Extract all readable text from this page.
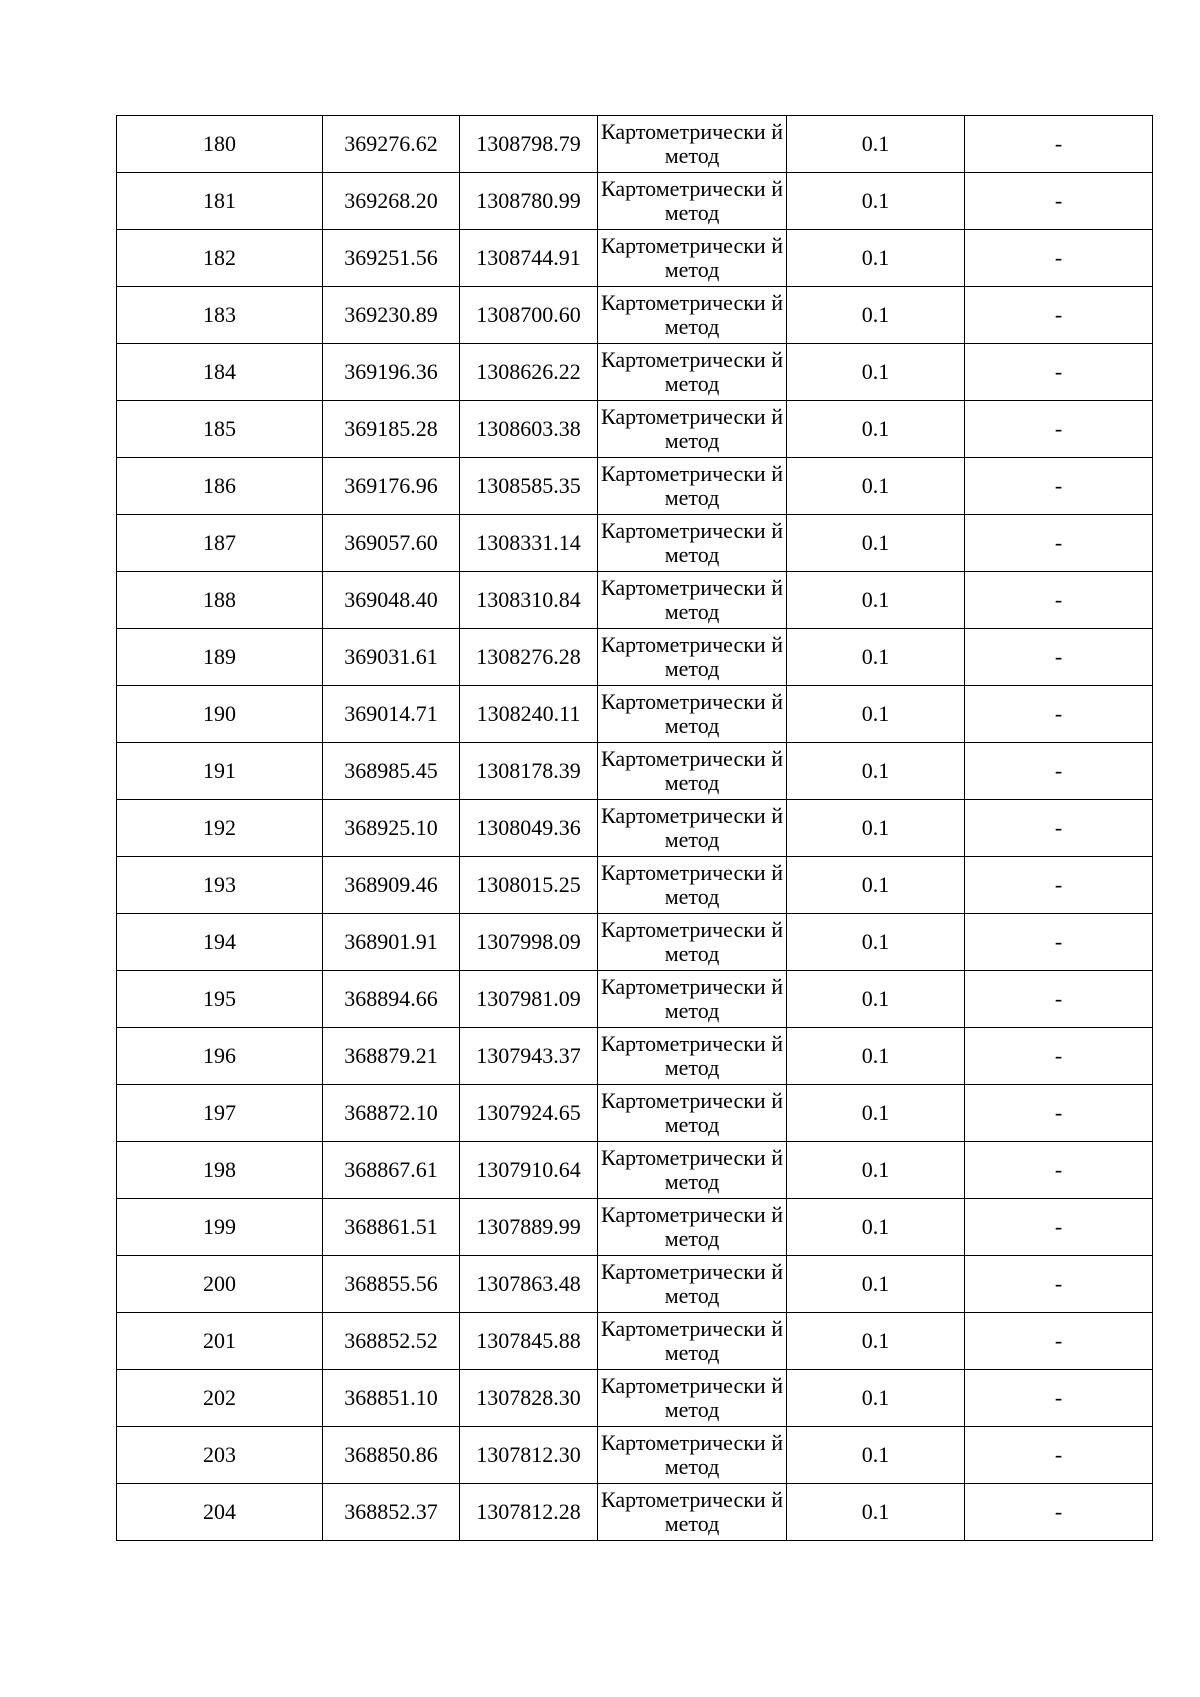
180	369276.62	1308798.79	Картометрически й метод	0.1	-
181	369268.20	1308780.99	Картометрически й метод	0.1	-
182	369251.56	1308744.91	Картометрически й метод	0.1	-
183	369230.89	1308700.60	Картометрически й метод	0.1	-
184	369196.36	1308626.22	Картометрически й метод	0.1	-
185	369185.28	1308603.38	Картометрически й метод	0.1	-
186	369176.96	1308585.35	Картометрически й метод	0.1	-
187	369057.60	1308331.14	Картометрически й метод	0.1	-
188	369048.40	1308310.84	Картометрически й метод	0.1	-
189	369031.61	1308276.28	Картометрически й метод	0.1	-
190	369014.71	1308240.11	Картометрически й метод	0.1	-
191	368985.45	1308178.39	Картометрически й метод	0.1	-
192	368925.10	1308049.36	Картометрически й метод	0.1	-
193	368909.46	1308015.25	Картометрически й метод	0.1	-
194	368901.91	1307998.09	Картометрически й метод	0.1	-
195	368894.66	1307981.09	Картометрически й метод	0.1	-
196	368879.21	1307943.37	Картометрически й метод	0.1	-
197	368872.10	1307924.65	Картометрически й метод	0.1	-
198	368867.61	1307910.64	Картометрически й метод	0.1	-
199	368861.51	1307889.99	Картометрически й метод	0.1	-
200	368855.56	1307863.48	Картометрически й метод	0.1	-
201	368852.52	1307845.88	Картометрически й метод	0.1	-
202	368851.10	1307828.30	Картометрически й метод	0.1	-
203	368850.86	1307812.30	Картометрически й метод	0.1	-
204	368852.37	1307812.28	Картометрически й метод	0.1	-
